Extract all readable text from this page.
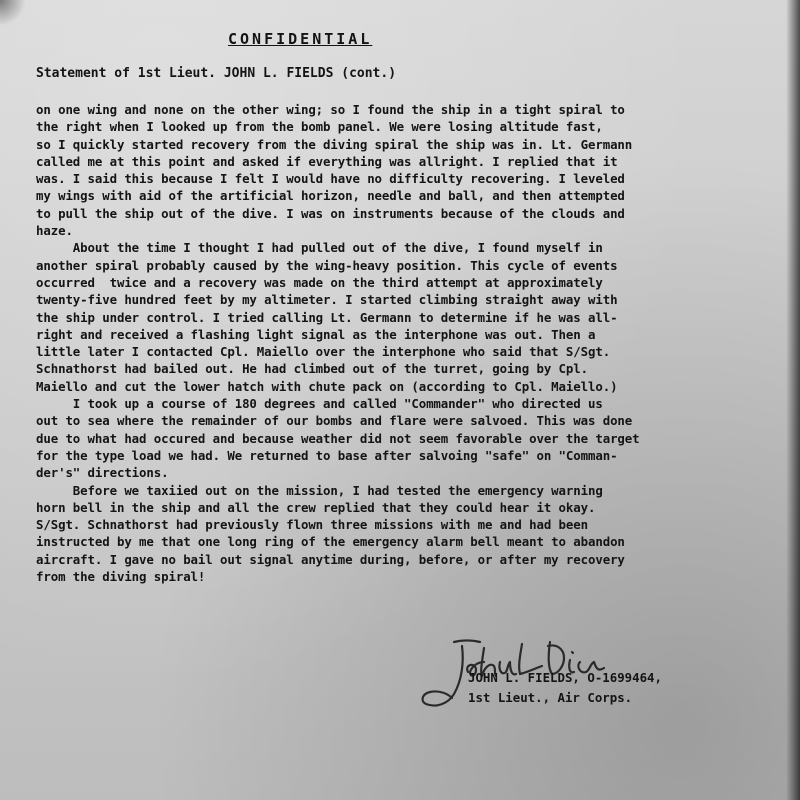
CONFIDENTIAL
Statement of 1st Lieut. JOHN L. FIELDS (cont.)
on one wing and none on the other wing; so I found the ship in a tight spiral to
the right when I looked up from the bomb panel. We were losing altitude fast,
so I quickly started recovery from the diving spiral the ship was in. Lt. Germann
called me at this point and asked if everything was allright. I replied that it
was. I said this because I felt I would have no difficulty recovering. I leveled
my wings with aid of the artificial horizon, needle and ball, and then attempted
to pull the ship out of the dive. I was on instruments because of the clouds and
haze.
About the time I thought I had pulled out of the dive, I found myself in
another spiral probably caused by the wing-heavy position. This cycle of events
occurred  twice and a recovery was made on the third attempt at approximately
twenty-five hundred feet by my altimeter. I started climbing straight away with
the ship under control. I tried calling Lt. Germann to determine if he was all-
right and received a flashing light signal as the interphone was out. Then a
little later I contacted Cpl. Maiello over the interphone who said that S/Sgt.
Schnathorst had bailed out. He had climbed out of the turret, going by Cpl.
Maiello and cut the lower hatch with chute pack on (according to Cpl. Maiello.)
I took up a course of 180 degrees and called "Commander" who directed us
out to sea where the remainder of our bombs and flare were salvoed. This was done
due to what had occured and because weather did not seem favorable over the target
for the type load we had. We returned to base after salvoing "safe" on "Comman-
der's" directions.
Before we taxiied out on the mission, I had tested the emergency warning
horn bell in the ship and all the crew replied that they could hear it okay.
S/Sgt. Schnathorst had previously flown three missions with me and had been
instructed by me that one long ring of the emergency alarm bell meant to abandon
aircraft. I gave no bail out signal anytime during, before, or after my recovery
from the diving spiral!
JOHN L. FIELDS, O-1699464,
1st Lieut., Air Corps.
